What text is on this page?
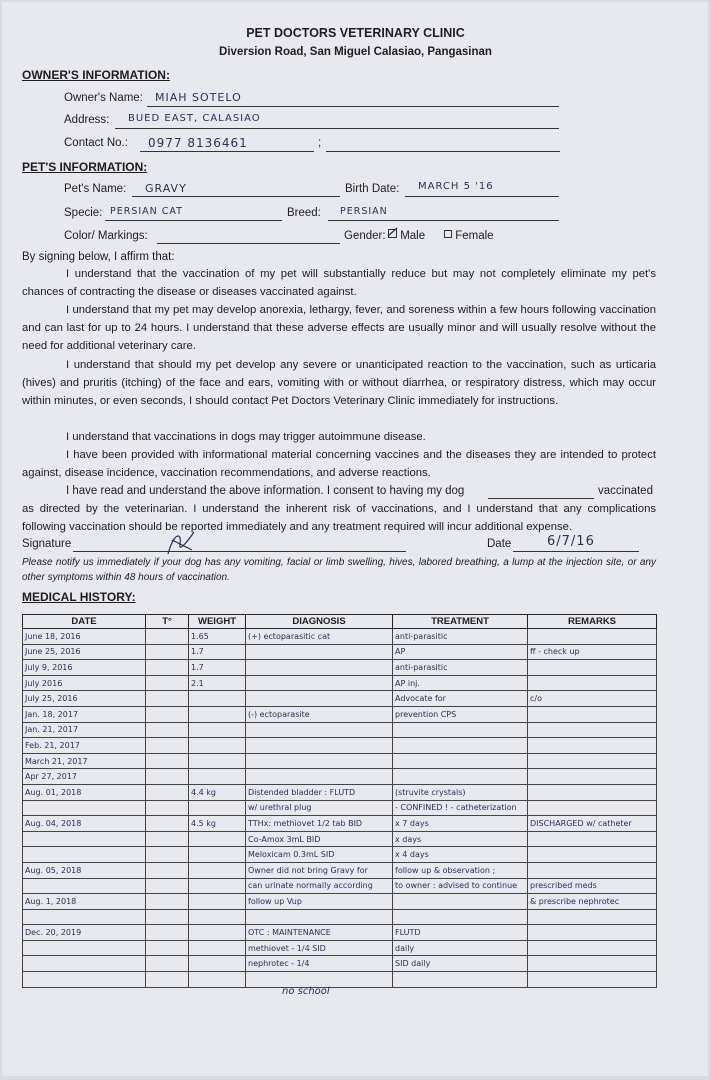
PET DOCTORS VETERINARY CLINIC
Diversion Road, San Miguel Calasiao, Pangasinan
OWNER'S INFORMATION:
Owner's Name: MIAH SOTELO
Address: BUED EAST, CALASIAO
Contact No.:	;
0977 8136461
PET'S INFORMATION:
Pet's Name: GRAVY	Birth Date: MARCH 5 '16
Specie: PERSIAN CAT	Breed: PERSIAN
Color/ Markings:	Gender:	Male	Female
By signing below, I affirm that:
I understand that the vaccination of my pet will substantially reduce but may not completely eliminate my pet's chances of contracting the disease or diseases vaccinated against.
I understand that my pet may develop anorexia, lethargy, fever, and soreness within a few hours following vaccination and can last for up to 24 hours. I understand that these adverse effects are usually minor and will usually resolve without the need for additional veterinary care.
I understand that should my pet develop any severe or unanticipated reaction to the vaccination, such as urticaria (hives) and pruritis (itching) of the face and ears, vomiting with or without diarrhea, or respiratory distress, which may occur within minutes, or even seconds, I should contact Pet Doctors Veterinary Clinic immediately for instructions.
I understand that vaccinations in dogs may trigger autoimmune disease.
I have been provided with informational material concerning vaccines and the diseases they are intended to protect against, disease incidence, vaccination recommendations, and adverse reactions.
I have read and understand the above information. I consent to having my dog	vaccinated
as directed by the veterinarian. I understand the inherent risk of vaccinations, and I understand that any complications following vaccination should be reported immediately and any treatment required will incur additional expense.
Signature	Date	6/7/16
Please notify us immediately if your dog has any vomiting, facial or limb swelling, hives, labored breathing, a lump at the injection site, or any other symptoms within 48 hours of vaccination.
MEDICAL HISTORY:
DATE	T°	WEIGHT	DIAGNOSIS	TREATMENT	REMARKS
June 18, 2016		1.65	(+) ectoparasitic cat	anti-parasitic	
June 25, 2016		1.7		AP	ff - check up
July 9, 2016		1.7		anti-parasitic	
July 2016		2.1		AP inj.	
July 25, 2016				Advocate for	c/o
Jan. 18, 2017			(-) ectoparasite	prevention CPS	
Jan. 21, 2017					
Feb. 21, 2017					
March 21, 2017					
Apr 27, 2017					
Aug. 01, 2018		4.4 kg	Distended bladder : FLUTD	(struvite crystals)	
			w/ urethral plug	- CONFINED ! - catheterization	
Aug. 04, 2018		4.5 kg	TTHx: methiovet 1/2 tab BID	x 7 days	DISCHARGED w/ catheter
			Co-Amox 3mL BID	x days	
			Meloxicam 0.3mL SID	x 4 days	
Aug. 05, 2018			Owner did not bring Gravy for	follow up & observation ;	
			can urinate normally according	to owner : advised to continue	prescribed meds
Aug. 1, 2018			follow up Vup		& prescribe nephrotec

Dec. 20, 2019			OTC : MAINTENANCE	FLUTD	
			methiovet - 1/4 SID	daily	
			nephrotec - 1/4	SID daily	

no school
